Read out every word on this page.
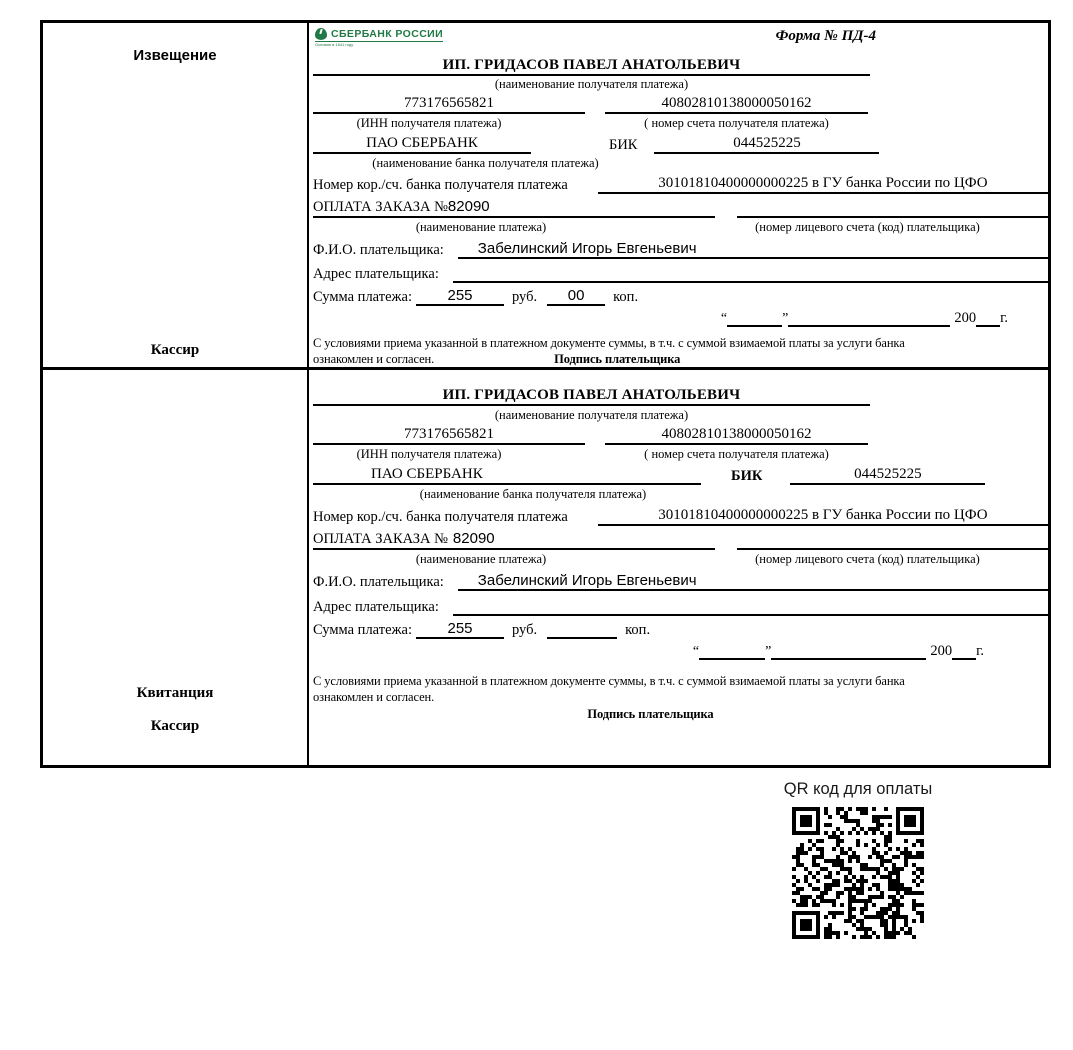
Извещение
Кассир
СБЕРБАНК РОССИИ
Основан в 1841 году
Форма № ПД-4
ИП. ГРИДАСОВ ПАВЕЛ АНАТОЛЬЕВИЧ
(наименование получателя платежа)
773176565821	40802810138000050162
(ИНН получателя платежа)	( номер счета получателя платежа)
ПАО СБЕРБАНК	БИК	044525225
(наименование банка получателя платежа)
Номер кор./сч. банка получателя платежа	30101810400000000225 в ГУ банка России по ЦФО
ОПЛАТА ЗАКАЗА №82090
(наименование платежа)	(номер лицевого счета (код) плательщика)
Ф.И.О. плательщика:	Забелинский Игорь Евгеньевич
Адрес плательщика:
Сумма платежа:	255	руб.	00	коп.
“	”	200 г.
С условиями приема указанной в платежном документе суммы, в т.ч. с суммой взимаемой платы за услуги банка
ознакомлен и согласен.	Подпись плательщика
Квитанция
Кассир
ИП. ГРИДАСОВ ПАВЕЛ АНАТОЛЬЕВИЧ
(наименование получателя платежа)
773176565821	40802810138000050162
(ИНН получателя платежа)	( номер счета получателя платежа)
ПАО СБЕРБАНК	БИК	044525225
(наименование банка получателя платежа)
Номер кор./сч. банка получателя платежа	30101810400000000225 в ГУ банка России по ЦФО
ОПЛАТА ЗАКАЗА № 82090
(наименование платежа)	(номер лицевого счета (код) плательщика)
Ф.И.О. плательщика:	Забелинский Игорь Евгеньевич
Адрес плательщика:
Сумма платежа:	255	руб.	коп.
“	”	200 г.
С условиями приема указанной в платежном документе суммы, в т.ч. с суммой взимаемой платы за услуги банка
ознакомлен и согласен.
Подпись плательщика
QR код для оплаты
